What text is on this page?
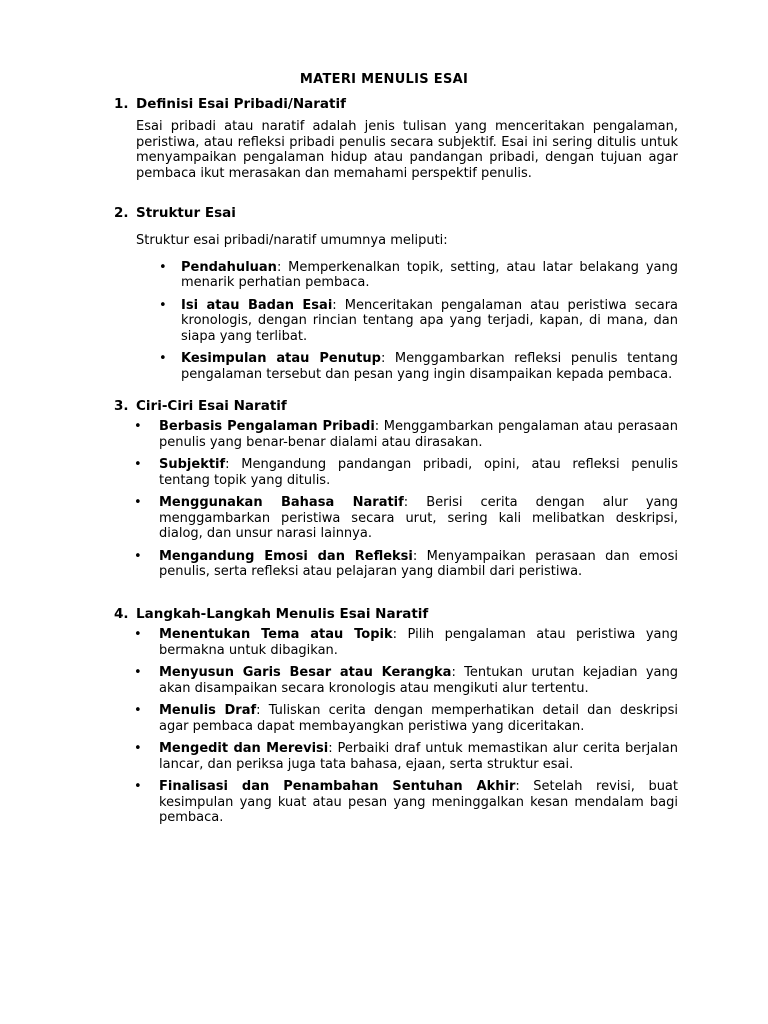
MATERI MENULIS ESAI
1. Definisi Esai Pribadi/Naratif

Esai pribadi atau naratif adalah jenis tulisan yang menceritakan pengalaman, peristiwa, atau refleksi pribadi penulis secara subjektif. Esai ini sering ditulis untuk menyampaikan pengalaman hidup atau pandangan pribadi, dengan tujuan agar pembaca ikut merasakan dan memahami perspektif penulis.

2. Struktur Esai

Struktur esai pribadi/naratif umumnya meliputi:

• Pendahuluan: Memperkenalkan topik, setting, atau latar belakang yang menarik perhatian pembaca.
• Isi atau Badan Esai: Menceritakan pengalaman atau peristiwa secara kronologis, dengan rincian tentang apa yang terjadi, kapan, di mana, dan siapa yang terlibat.
• Kesimpulan atau Penutup: Menggambarkan refleksi penulis tentang pengalaman tersebut dan pesan yang ingin disampaikan kepada pembaca.
3. Ciri-Ciri Esai Naratif
• Berbasis Pengalaman Pribadi: Menggambarkan pengalaman atau perasaan penulis yang benar-benar dialami atau dirasakan.
• Subjektif: Mengandung pandangan pribadi, opini, atau refleksi penulis tentang topik yang ditulis.
• Menggunakan Bahasa Naratif: Berisi cerita dengan alur yang menggambarkan peristiwa secara urut, sering kali melibatkan deskripsi, dialog, dan unsur narasi lainnya.
• Mengandung Emosi dan Refleksi: Menyampaikan perasaan dan emosi penulis, serta refleksi atau pelajaran yang diambil dari peristiwa.
4. Langkah-Langkah Menulis Esai Naratif
• Menentukan Tema atau Topik: Pilih pengalaman atau peristiwa yang bermakna untuk dibagikan.
• Menyusun Garis Besar atau Kerangka: Tentukan urutan kejadian yang akan disampaikan secara kronologis atau mengikuti alur tertentu.
• Menulis Draf: Tuliskan cerita dengan memperhatikan detail dan deskripsi agar pembaca dapat membayangkan peristiwa yang diceritakan.
• Mengedit dan Merevisi: Perbaiki draf untuk memastikan alur cerita berjalan lancar, dan periksa juga tata bahasa, ejaan, serta struktur esai.
• Finalisasi dan Penambahan Sentuhan Akhir: Setelah revisi, buat kesimpulan yang kuat atau pesan yang meninggalkan kesan mendalam bagi pembaca.
